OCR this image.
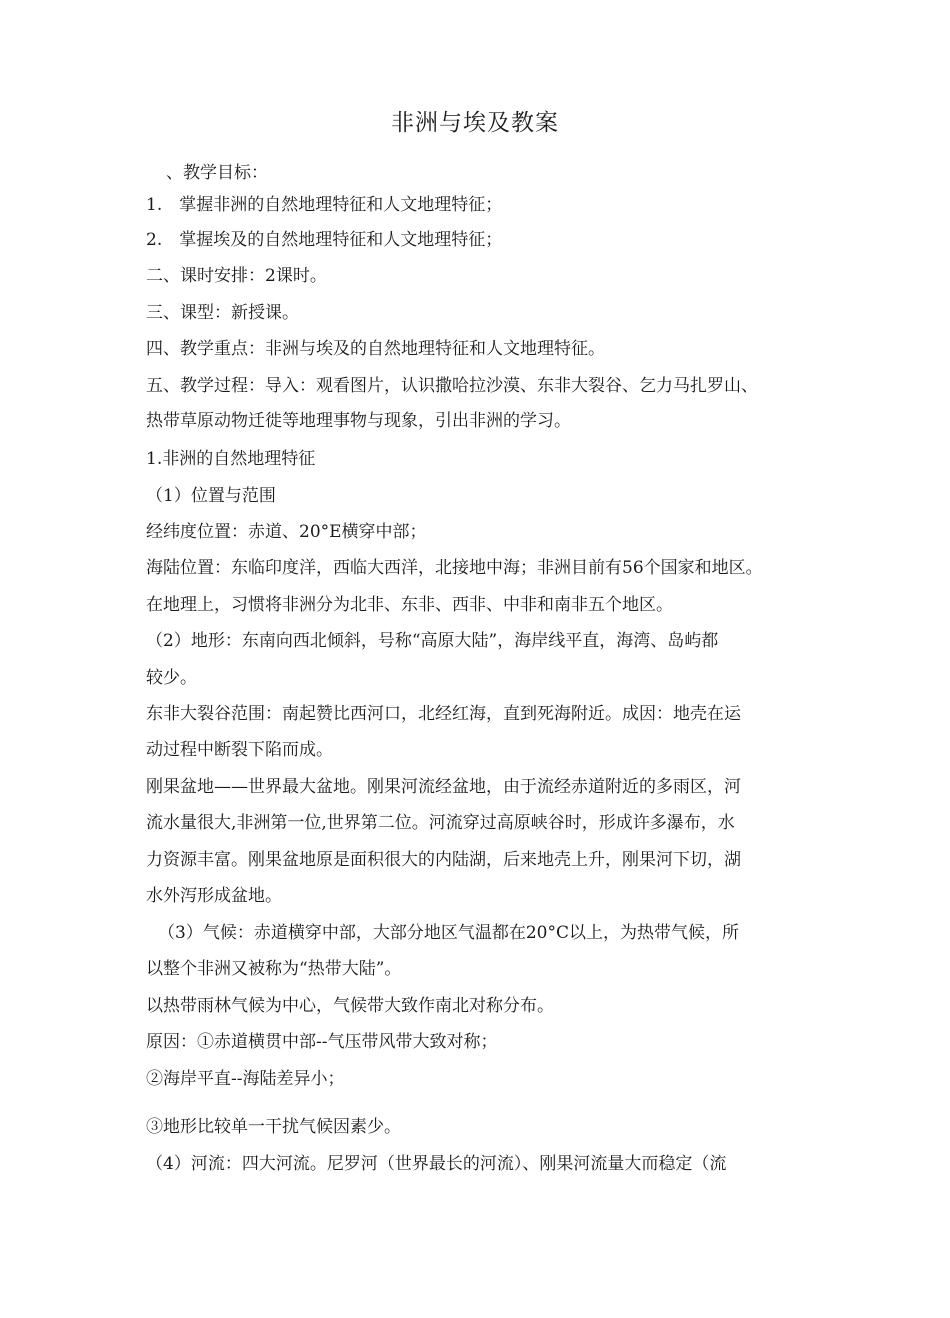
非洲与埃及教案
、教学目标：
1.　掌握非洲的自然地理特征和人文地理特征；
2.　掌握埃及的自然地理特征和人文地理特征；
二、课时安排：2课时。
三、课型：新授课。
四、教学重点：非洲与埃及的自然地理特征和人文地理特征。
五、教学过程：导入：观看图片，认识撒哈拉沙漠、东非大裂谷、乞力马扎罗山、
热带草原动物迁徙等地理事物与现象，引出非洲的学习。
1.非洲的自然地理特征
（1）位置与范围
经纬度位置：赤道、20°E横穿中部；
海陆位置：东临印度洋，西临大西洋，北接地中海；非洲目前有56个国家和地区。
在地理上，习惯将非洲分为北非、东非、西非、中非和南非五个地区。
（2）地形：东南向西北倾斜，号称“高原大陆”，海岸线平直，海湾、岛屿都
较少。
东非大裂谷范围：南起赞比西河口，北经红海，直到死海附近。成因：地壳在运
动过程中断裂下陷而成。
刚果盆地——世界最大盆地。刚果河流经盆地，由于流经赤道附近的多雨区，河
流水量很大,非洲第一位,世界第二位。河流穿过高原峡谷时，形成许多瀑布，水
力资源丰富。刚果盆地原是面积很大的内陆湖，后来地壳上升，刚果河下切，湖
水外泻形成盆地。
（3）气候：赤道横穿中部，大部分地区气温都在20°C以上，为热带气候，所
以整个非洲又被称为“热带大陆”。
以热带雨林气候为中心，气候带大致作南北对称分布。
原因：①赤道横贯中部--气压带风带大致对称；
②海岸平直--海陆差异小；
③地形比较单一干扰气候因素少。
（4）河流：四大河流。尼罗河（世界最长的河流）、刚果河流量大而稳定（流
